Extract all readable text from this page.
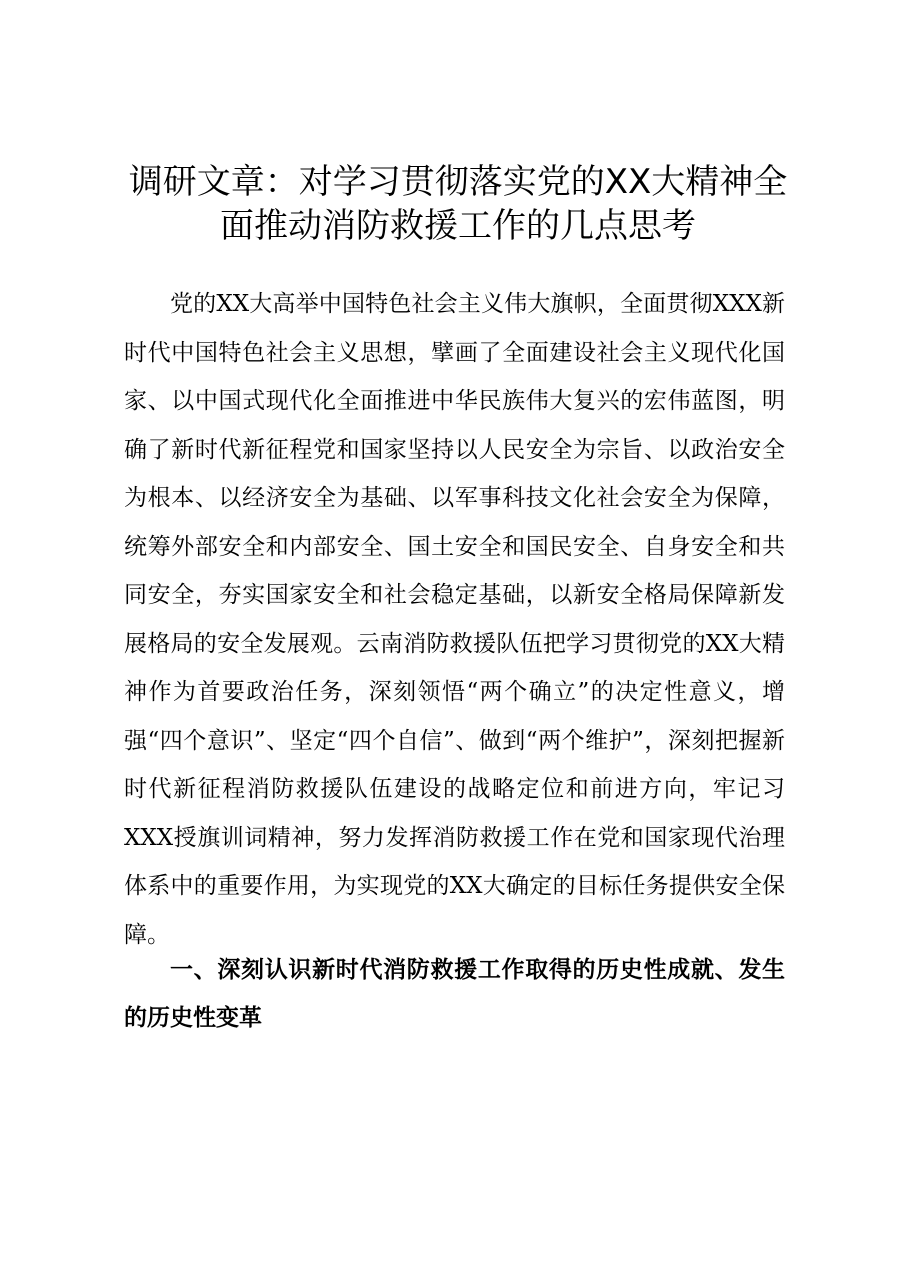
调研文章：对学习贯彻落实党的XX大精神全面推动消防救援工作的几点思考
党的XX大高举中国特色社会主义伟大旗帜，全面贯彻XXX新时代中国特色社会主义思想，擘画了全面建设社会主义现代化国家、以中国式现代化全面推进中华民族伟大复兴的宏伟蓝图，明确了新时代新征程党和国家坚持以人民安全为宗旨、以政治安全为根本、以经济安全为基础、以军事科技文化社会安全为保障，统筹外部安全和内部安全、国土安全和国民安全、自身安全和共同安全，夯实国家安全和社会稳定基础，以新安全格局保障新发展格局的安全发展观。云南消防救援队伍把学习贯彻党的XX大精神作为首要政治任务，深刻领悟“两个确立”的决定性意义，增强“四个意识”、坚定“四个自信”、做到“两个维护”，深刻把握新时代新征程消防救援队伍建设的战略定位和前进方向，牢记习XXX授旗训词精神，努力发挥消防救援工作在党和国家现代治理体系中的重要作用，为实现党的XX大确定的目标任务提供安全保障。
一、深刻认识新时代消防救援工作取得的历史性成就、发生的历史性变革
